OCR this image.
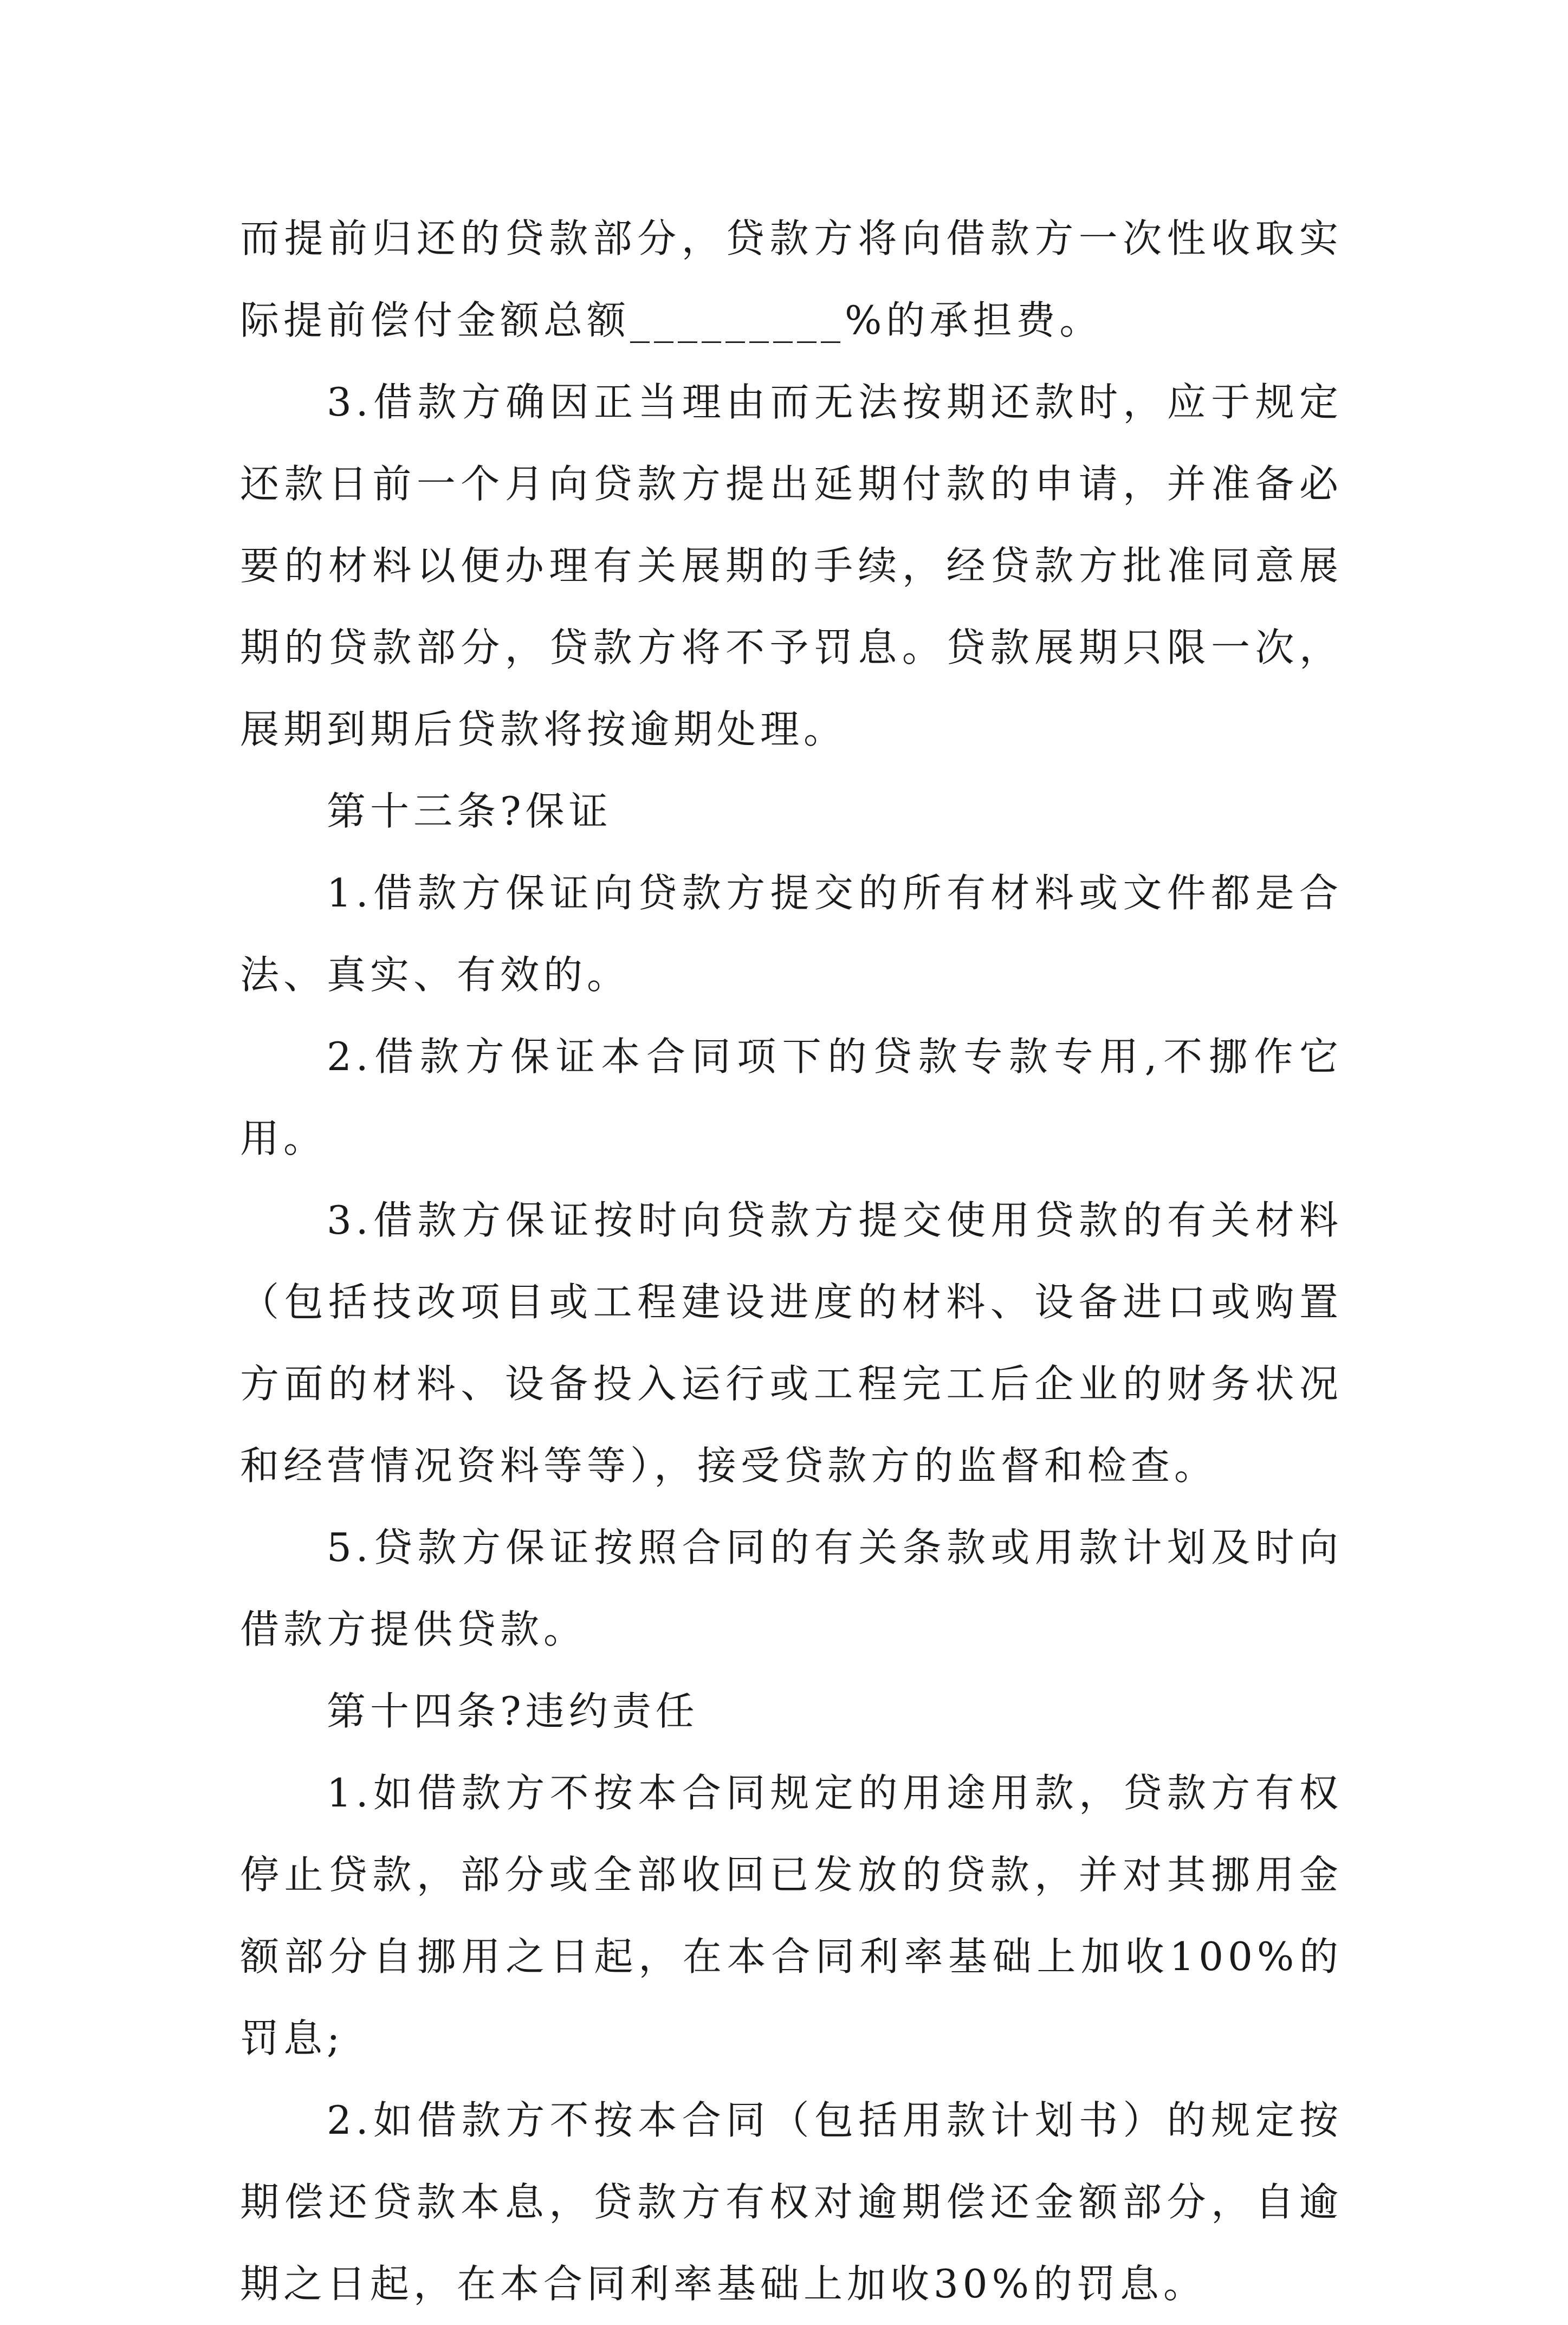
而提前归还的贷款部分，贷款方将向借款方一次性收取实际提前偿付金额总额_________%的承担费。

3.借款方确因正当理由而无法按期还款时，应于规定还款日前一个月向贷款方提出延期付款的申请，并准备必要的材料以便办理有关展期的手续，经贷款方批准同意展期的贷款部分，贷款方将不予罚息。贷款展期只限一次，展期到期后贷款将按逾期处理。

第十三条?保证

1.借款方保证向贷款方提交的所有材料或文件都是合法、真实、有效的。

2.借款方保证本合同项下的贷款专款专用,不挪作它用。

3.借款方保证按时向贷款方提交使用贷款的有关材料（包括技改项目或工程建设进度的材料、设备进口或购置方面的材料、设备投入运行或工程完工后企业的财务状况和经营情况资料等等），接受贷款方的监督和检查。

5.贷款方保证按照合同的有关条款或用款计划及时向借款方提供贷款。

第十四条?违约责任

1.如借款方不按本合同规定的用途用款，贷款方有权停止贷款，部分或全部收回已发放的贷款，并对其挪用金额部分自挪用之日起，在本合同利率基础上加收100%的罚息;

2.如借款方不按本合同（包括用款计划书）的规定按期偿还贷款本息，贷款方有权对逾期偿还金额部分，自逾期之日起，在本合同利率基础上加收30%的罚息。
